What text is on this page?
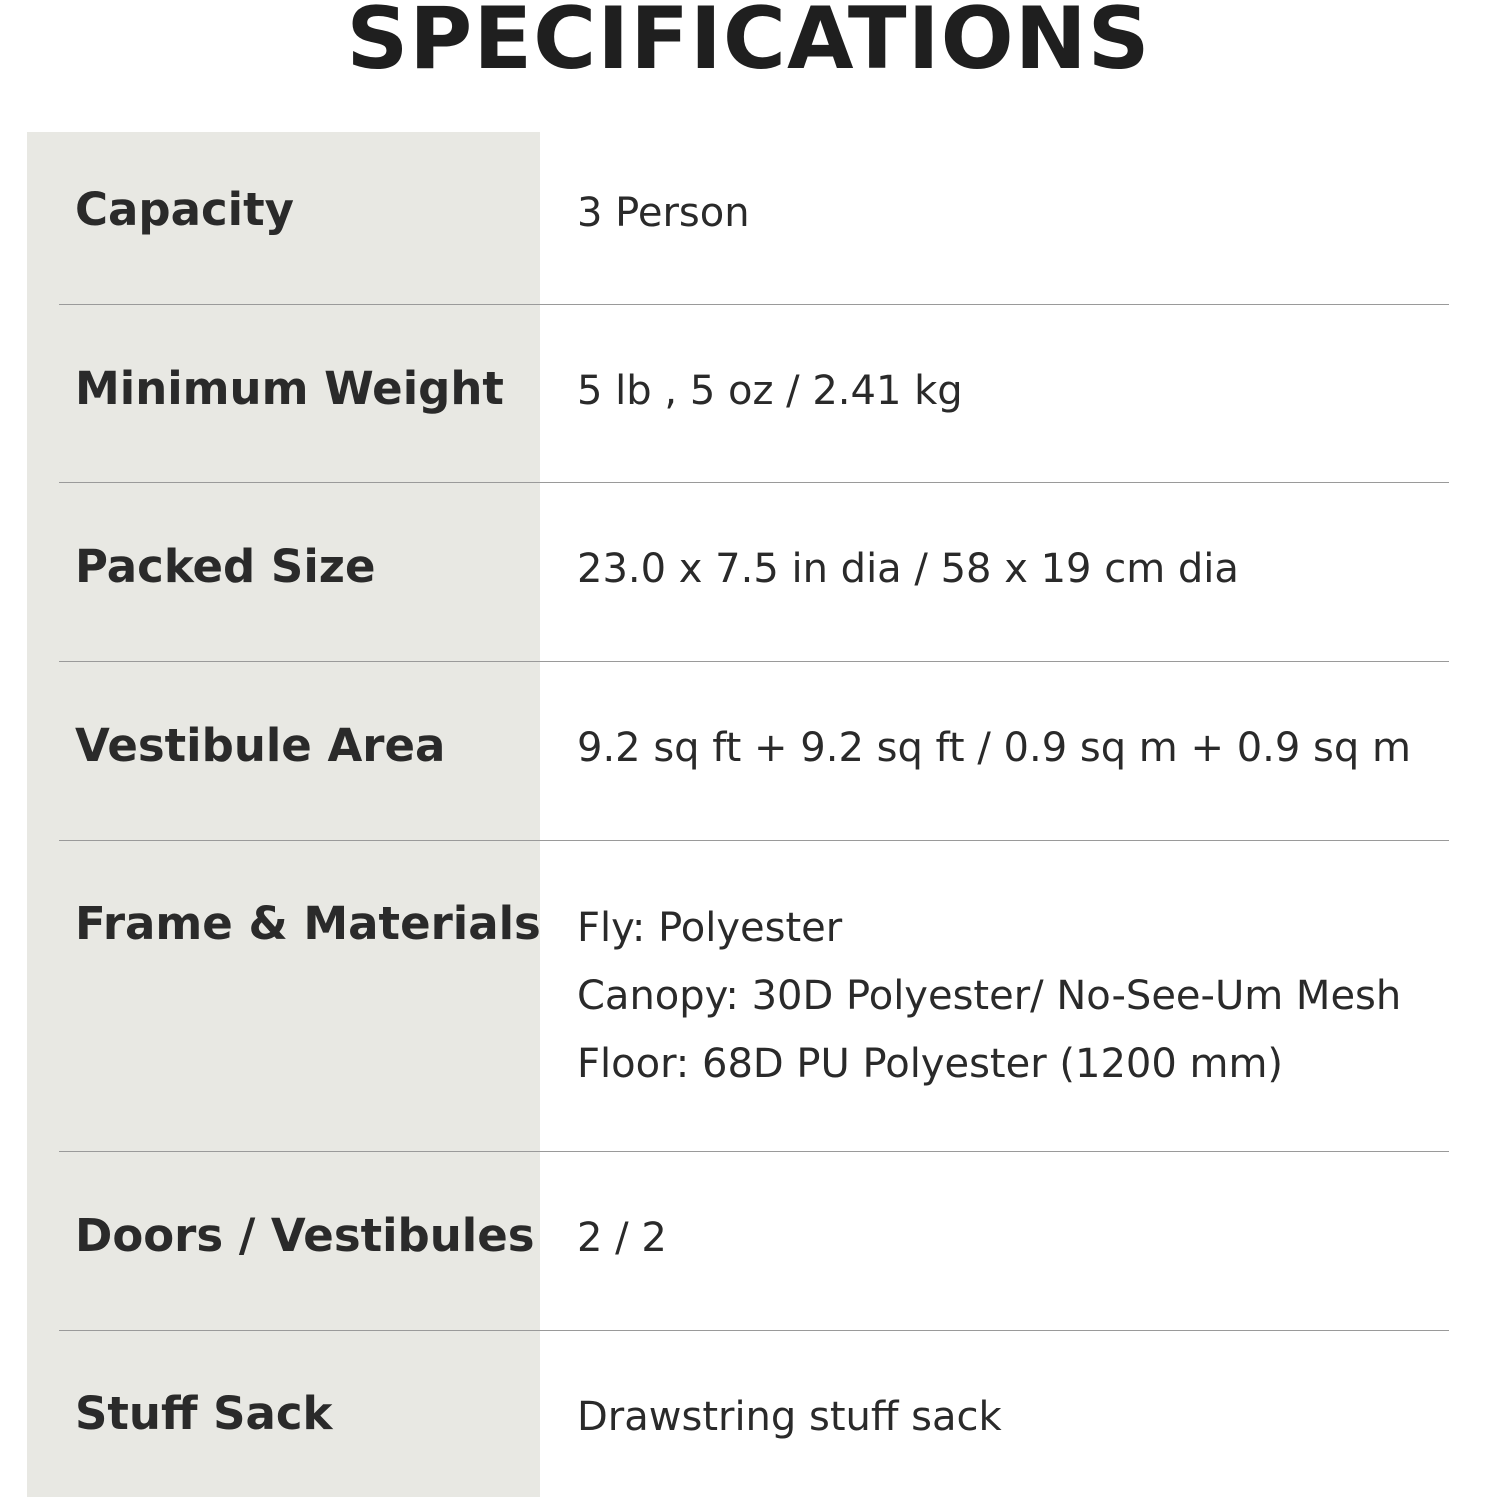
SPECIFICATIONS
Capacity	3 Person
Minimum Weight 5 lb , 5 oz / 2.41 kg
Packed Size	23.0 x 7.5 in dia / 58 x 19 cm dia
Vestibule Area	9.2 sq ft + 9.2 sq ft / 0.9 sq m + 0.9 sq m
Frame & Materials Fly: Polyester
Canopy: 30D Polyester/ No-See-Um Mesh
Floor: 68D PU Polyester (1200 mm)
Doors / Vestibules 2 / 2
Stuff Sack	Drawstring stuff sack
